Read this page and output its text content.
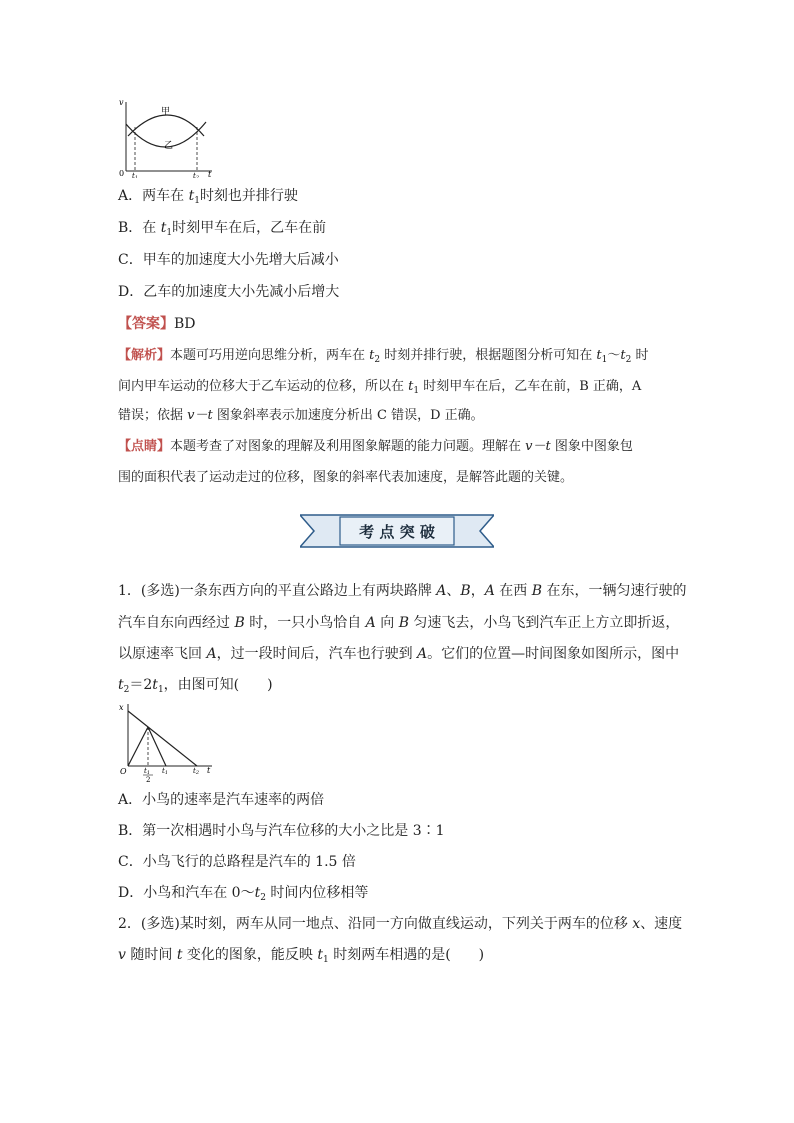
v
0	t
甲
乙
t1	t2
A．两车在 $t_1$时刻也并排行驶
B．在 $t_1$时刻甲车在后，乙车在前
C．甲车的加速度大小先增大后减小
D．乙车的加速度大小先减小后增大
【答案】BD
【解析】本题可巧用逆向思维分析，两车在 $t_2$ 时刻并排行驶，根据题图分析可知在 $t_1\sim t_2$ 时
间内甲车运动的位移大于乙车运动的位移，所以在 $t_1$ 时刻甲车在后，乙车在前，B 正确，A
错误；依据 v－t 图象斜率表示加速度分析出 C 错误，D 正确。
【点睛】本题考查了对图象的理解及利用图象解题的能力问题。理解在 v－t 图象中图象包
围的面积代表了运动走过的位移，图象的斜率代表加速度，是解答此题的关键。
考 点 突 破
1．(多选)一条东西方向的平直公路边上有两块路牌 A、B，A 在西 B 在东，一辆匀速行驶的
汽车自东向西经过 B 时，一只小鸟恰自 A 向 B 匀速飞去，小鸟飞到汽车正上方立即折返，
以原速率飞回 A，过一段时间后，汽车也行驶到 A。它们的位置—时间图象如图所示，图中
$t_2=2t_1$，由图可知(　　)
x
O	t
t1
2
t1	t2
A．小鸟的速率是汽车速率的两倍
B．第一次相遇时小鸟与汽车位移的大小之比是 3∶1
C．小鸟飞行的总路程是汽车的 1.5 倍
D．小鸟和汽车在 $0\sim t_2$ 时间内位移相等
2．(多选)某时刻，两车从同一地点、沿同一方向做直线运动，下列关于两车的位移 x、速度
v 随时间 t 变化的图象，能反映 $t_1$ 时刻两车相遇的是(　　)
